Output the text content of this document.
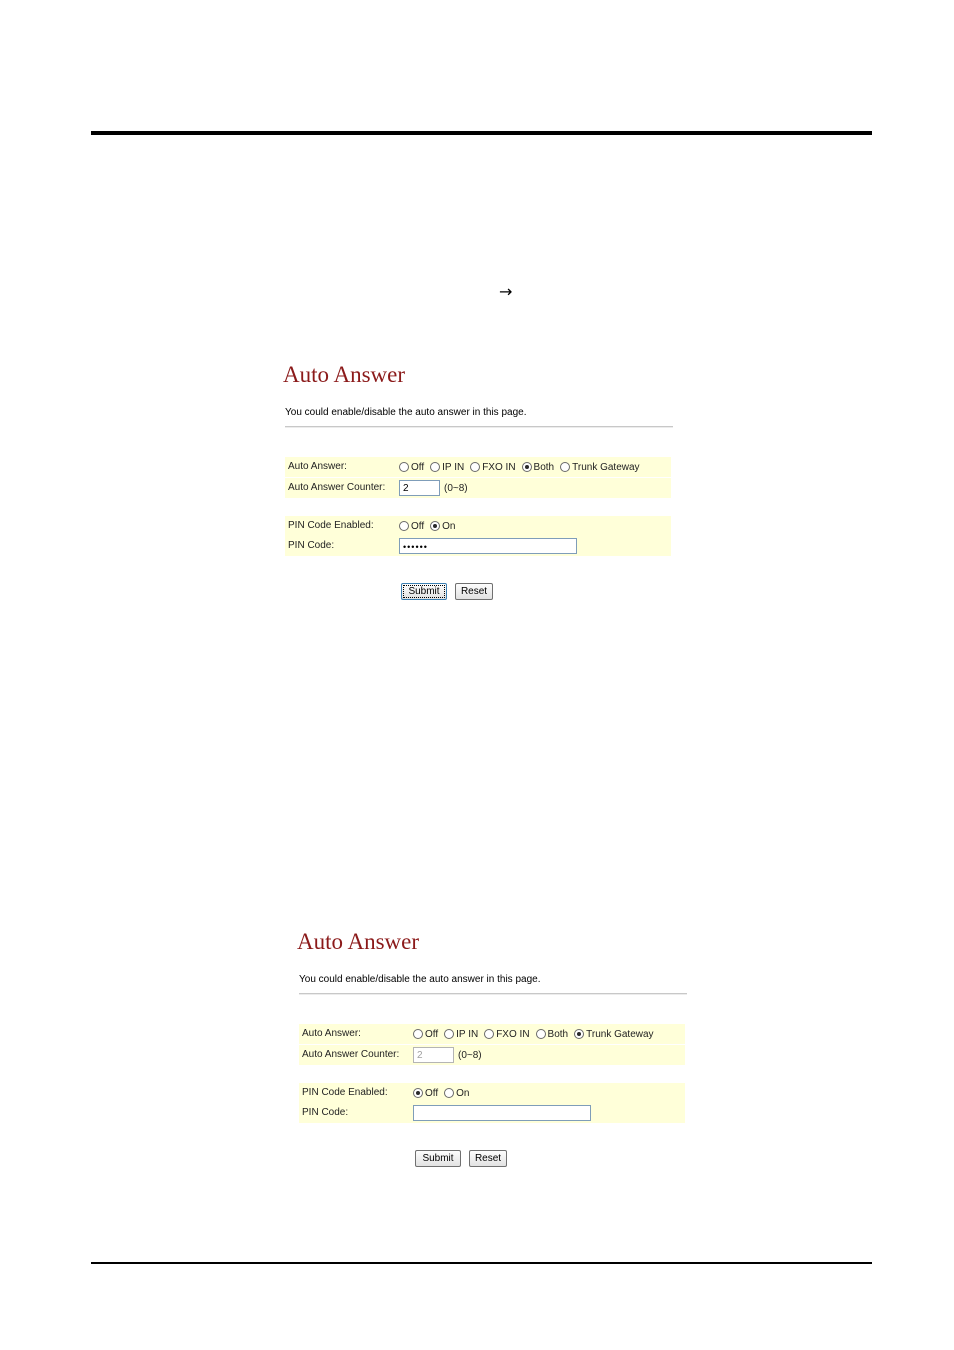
→
Auto Answer
You could enable/disable the auto answer in this page.
Auto Answer:	Off IP IN FXO IN Both Trunk Gateway
Auto Answer Counter:	2	(0~8)
PIN Code Enabled:	Off On
PIN Code:	••••••
Submit	Reset
Auto Answer
You could enable/disable the auto answer in this page.
Auto Answer:	Off IP IN FXO IN Both Trunk Gateway
Auto Answer Counter:	2	(0~8)
PIN Code Enabled:	Off On
PIN Code:
Submit	Reset
